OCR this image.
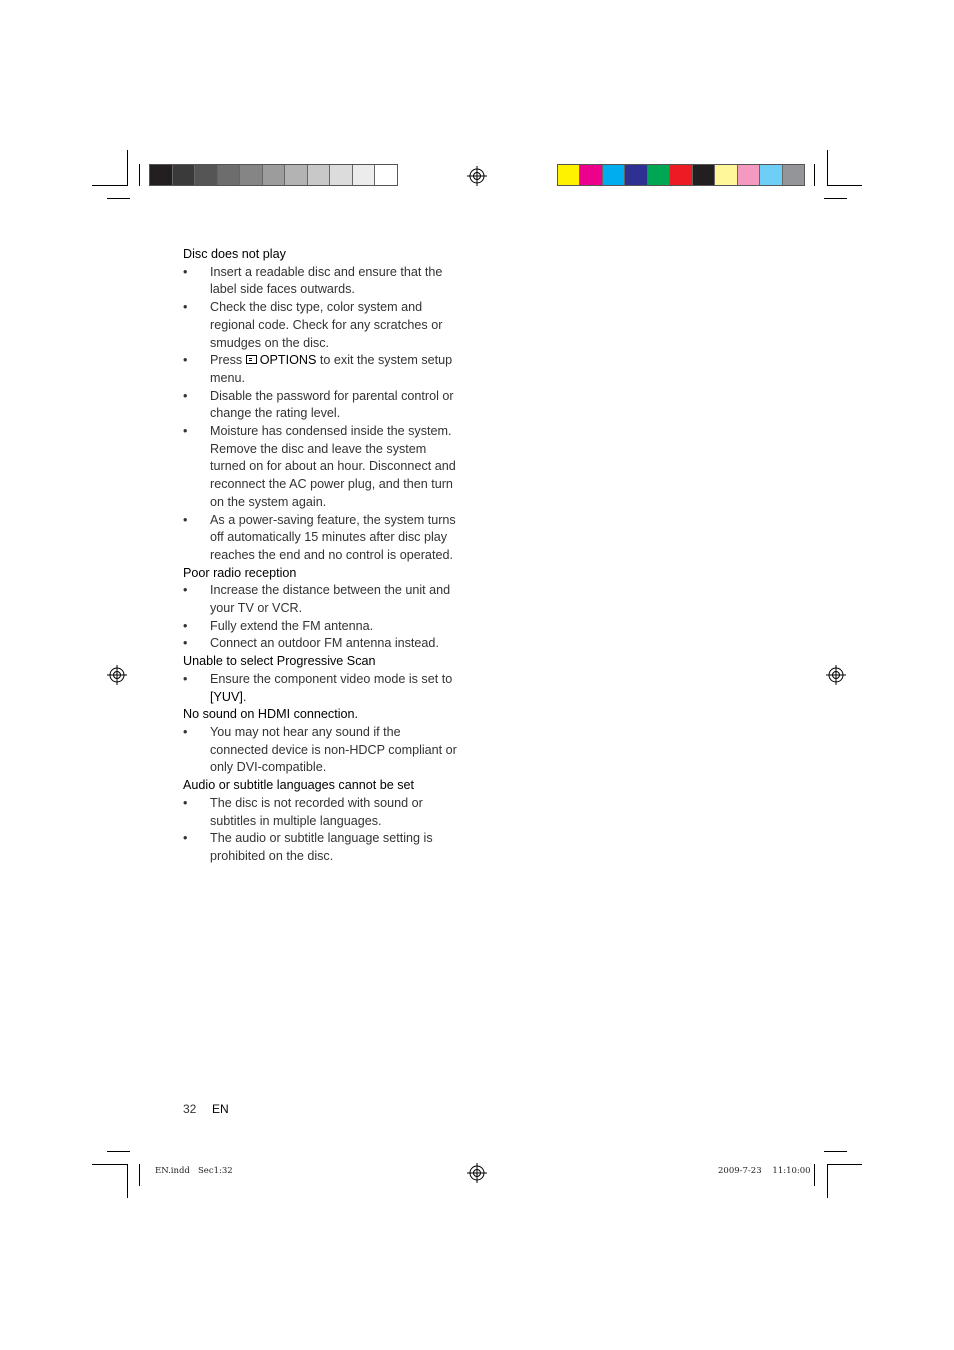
Disc does not play

• Insert a readable disc and ensure that the label side faces outwards.
• Check the disc type, color system and regional code. Check for any scratches or smudges on the disc.
• Press OPTIONS to exit the system setup menu.
• Disable the password for parental control or change the rating level.
• Moisture has condensed inside the system. Remove the disc and leave the system turned on for about an hour. Disconnect and reconnect the AC power plug, and then turn on the system again.
• As a power-saving feature, the system turns off automatically 15 minutes after disc play reaches the end and no control is operated.

Poor radio reception

• Increase the distance between the unit and your TV or VCR.
• Fully extend the FM antenna.
• Connect an outdoor FM antenna instead.

Unable to select Progressive Scan

• Ensure the component video mode is set to [YUV].

No sound on HDMI connection.

• You may not hear any sound if the connected device is non-HDCP compliant or only DVI-compatible.

Audio or subtitle languages cannot be set

• The disc is not recorded with sound or subtitles in multiple languages.
• The audio or subtitle language setting is prohibited on the disc.
32 EN
EN.indd   Sec1:32	2009-7-23    11:10:00
